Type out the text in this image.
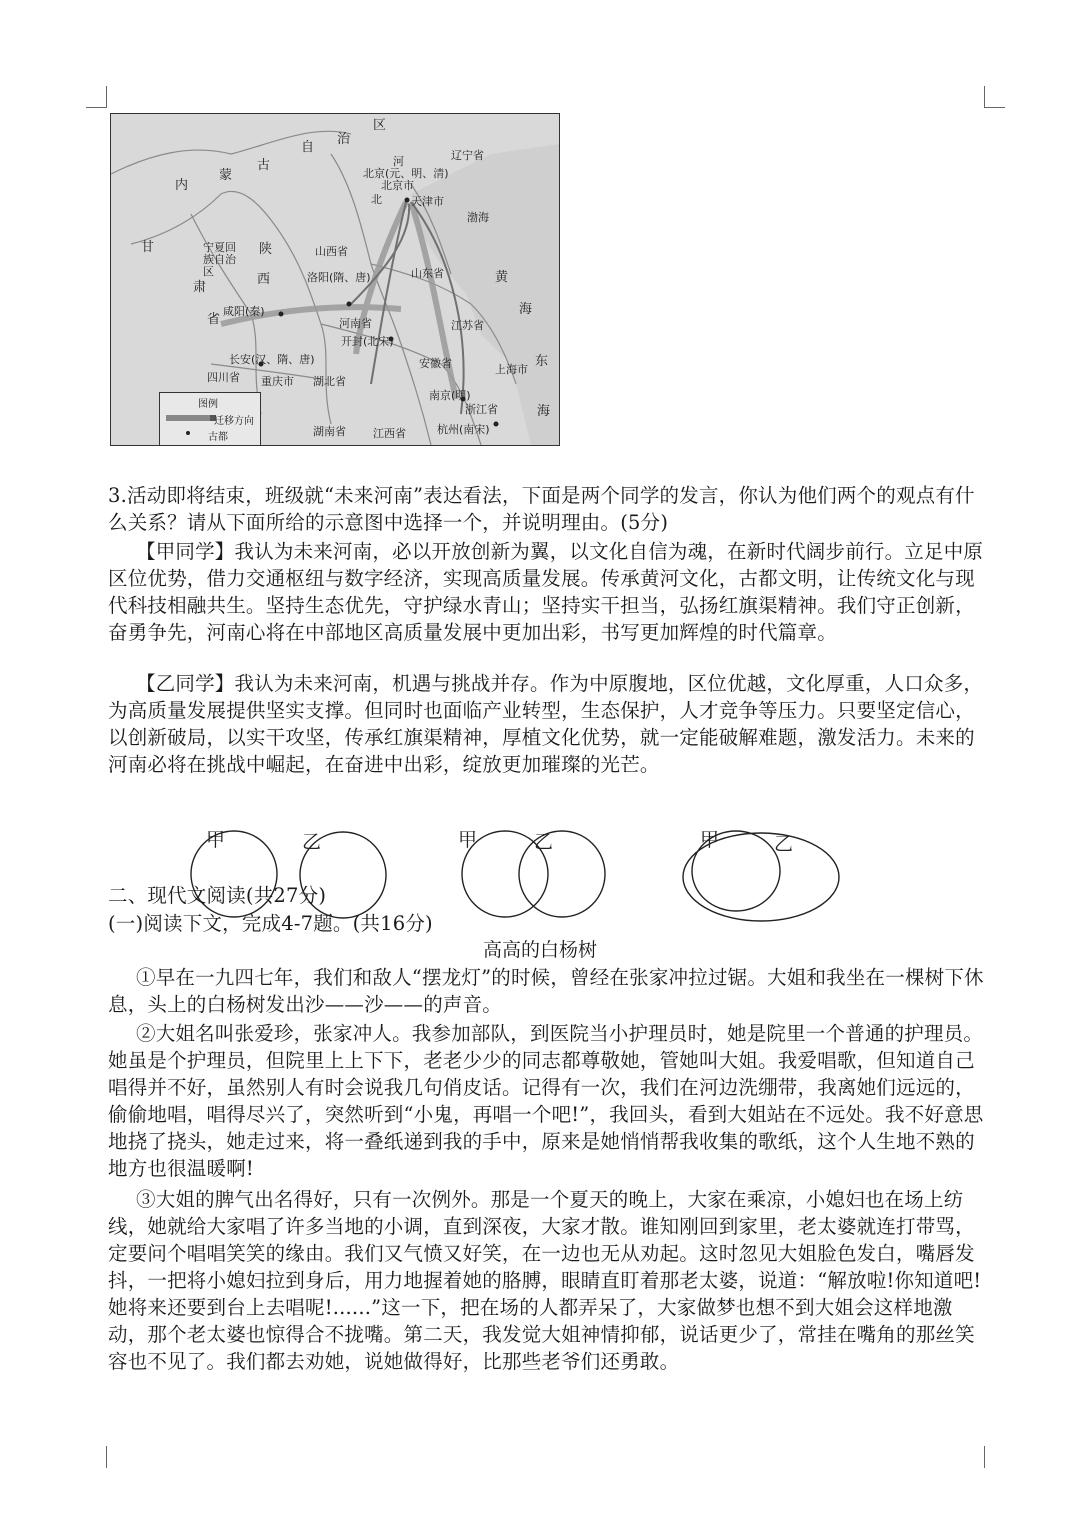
区
治
自
古
蒙
内
河
北京(元、明、清)
北京市
北	天津市
辽宁省
渤海
宁夏回族自治区
甘
肃
省
陕
西
山西省
洛阳(隋、唐)	山东省	黄
海
咸阳(秦)
河南省
开封(北宋)
江苏省
长安(汉、隋、唐)	安徽省	上海市
东
四川省 重庆市 湖北省
南京(明)
浙江省	海
湖南省 江西省	杭州(南宋)
图例
迁移方向
古都

3.活动即将结束，班级就“未来河南”表达看法，下面是两个同学的发言，你认为他们两个的观点有什么关系？请从下面所给的示意图中选择一个，并说明理由。(5分)

【甲同学】我认为未来河南，必以开放创新为翼，以文化自信为魂，在新时代阔步前行。立足中原区位优势，借力交通枢纽与数字经济，实现高质量发展。传承黄河文化，古都文明，让传统文化与现代科技相融共生。坚持生态优先，守护绿水青山；坚持实干担当，弘扬红旗渠精神。我们守正创新，奋勇争先，河南心将在中部地区高质量发展中更加出彩，书写更加辉煌的时代篇章。

【乙同学】我认为未来河南，机遇与挑战并存。作为中原腹地，区位优越，文化厚重，人口众多，为高质量发展提供坚实支撑。但同时也面临产业转型，生态保护，人才竞争等压力。只要坚定信心，以创新破局，以实干攻坚，传承红旗渠精神，厚植文化优势，就一定能破解难题，激发活力。未来的河南必将在挑战中崛起，在奋进中出彩，绽放更加璀璨的光芒。

甲	乙	甲	乙	甲	乙

二、现代文阅读(共27分)

(一)阅读下文，完成4-7题。(共16分)

高高的白杨树

①早在一九四七年，我们和敌人“摆龙灯”的时候，曾经在张家冲拉过锯。大姐和我坐在一棵树下休息，头上的白杨树发出沙——沙——的声音。

②大姐名叫张爱珍，张家冲人。我参加部队，到医院当小护理员时，她是院里一个普通的护理员。她虽是个护理员，但院里上上下下，老老少少的同志都尊敬她，管她叫大姐。我爱唱歌，但知道自己唱得并不好，虽然别人有时会说我几句俏皮话。记得有一次，我们在河边洗绷带，我离她们远远的，偷偷地唱，唱得尽兴了，突然听到“小鬼，再唱一个吧!”，我回头，看到大姐站在不远处。我不好意思地挠了挠头，她走过来，将一叠纸递到我的手中，原来是她悄悄帮我收集的歌纸，这个人生地不熟的地方也很温暖啊!

③大姐的脾气出名得好，只有一次例外。那是一个夏天的晚上，大家在乘凉，小媳妇也在场上纺线，她就给大家唱了许多当地的小调，直到深夜，大家才散。谁知刚回到家里，老太婆就连打带骂，定要问个唱唱笑笑的缘由。我们又气愤又好笑，在一边也无从劝起。这时忽见大姐脸色发白，嘴唇发抖，一把将小媳妇拉到身后，用力地握着她的胳膊，眼睛直盯着那老太婆，说道：“解放啦!你知道吧!她将来还要到台上去唱呢!......”这一下，把在场的人都弄呆了，大家做梦也想不到大姐会这样地激动，那个老太婆也惊得合不拢嘴。第二天，我发觉大姐神情抑郁，说话更少了，常挂在嘴角的那丝笑容也不见了。我们都去劝她，说她做得好，比那些老爷们还勇敢。
